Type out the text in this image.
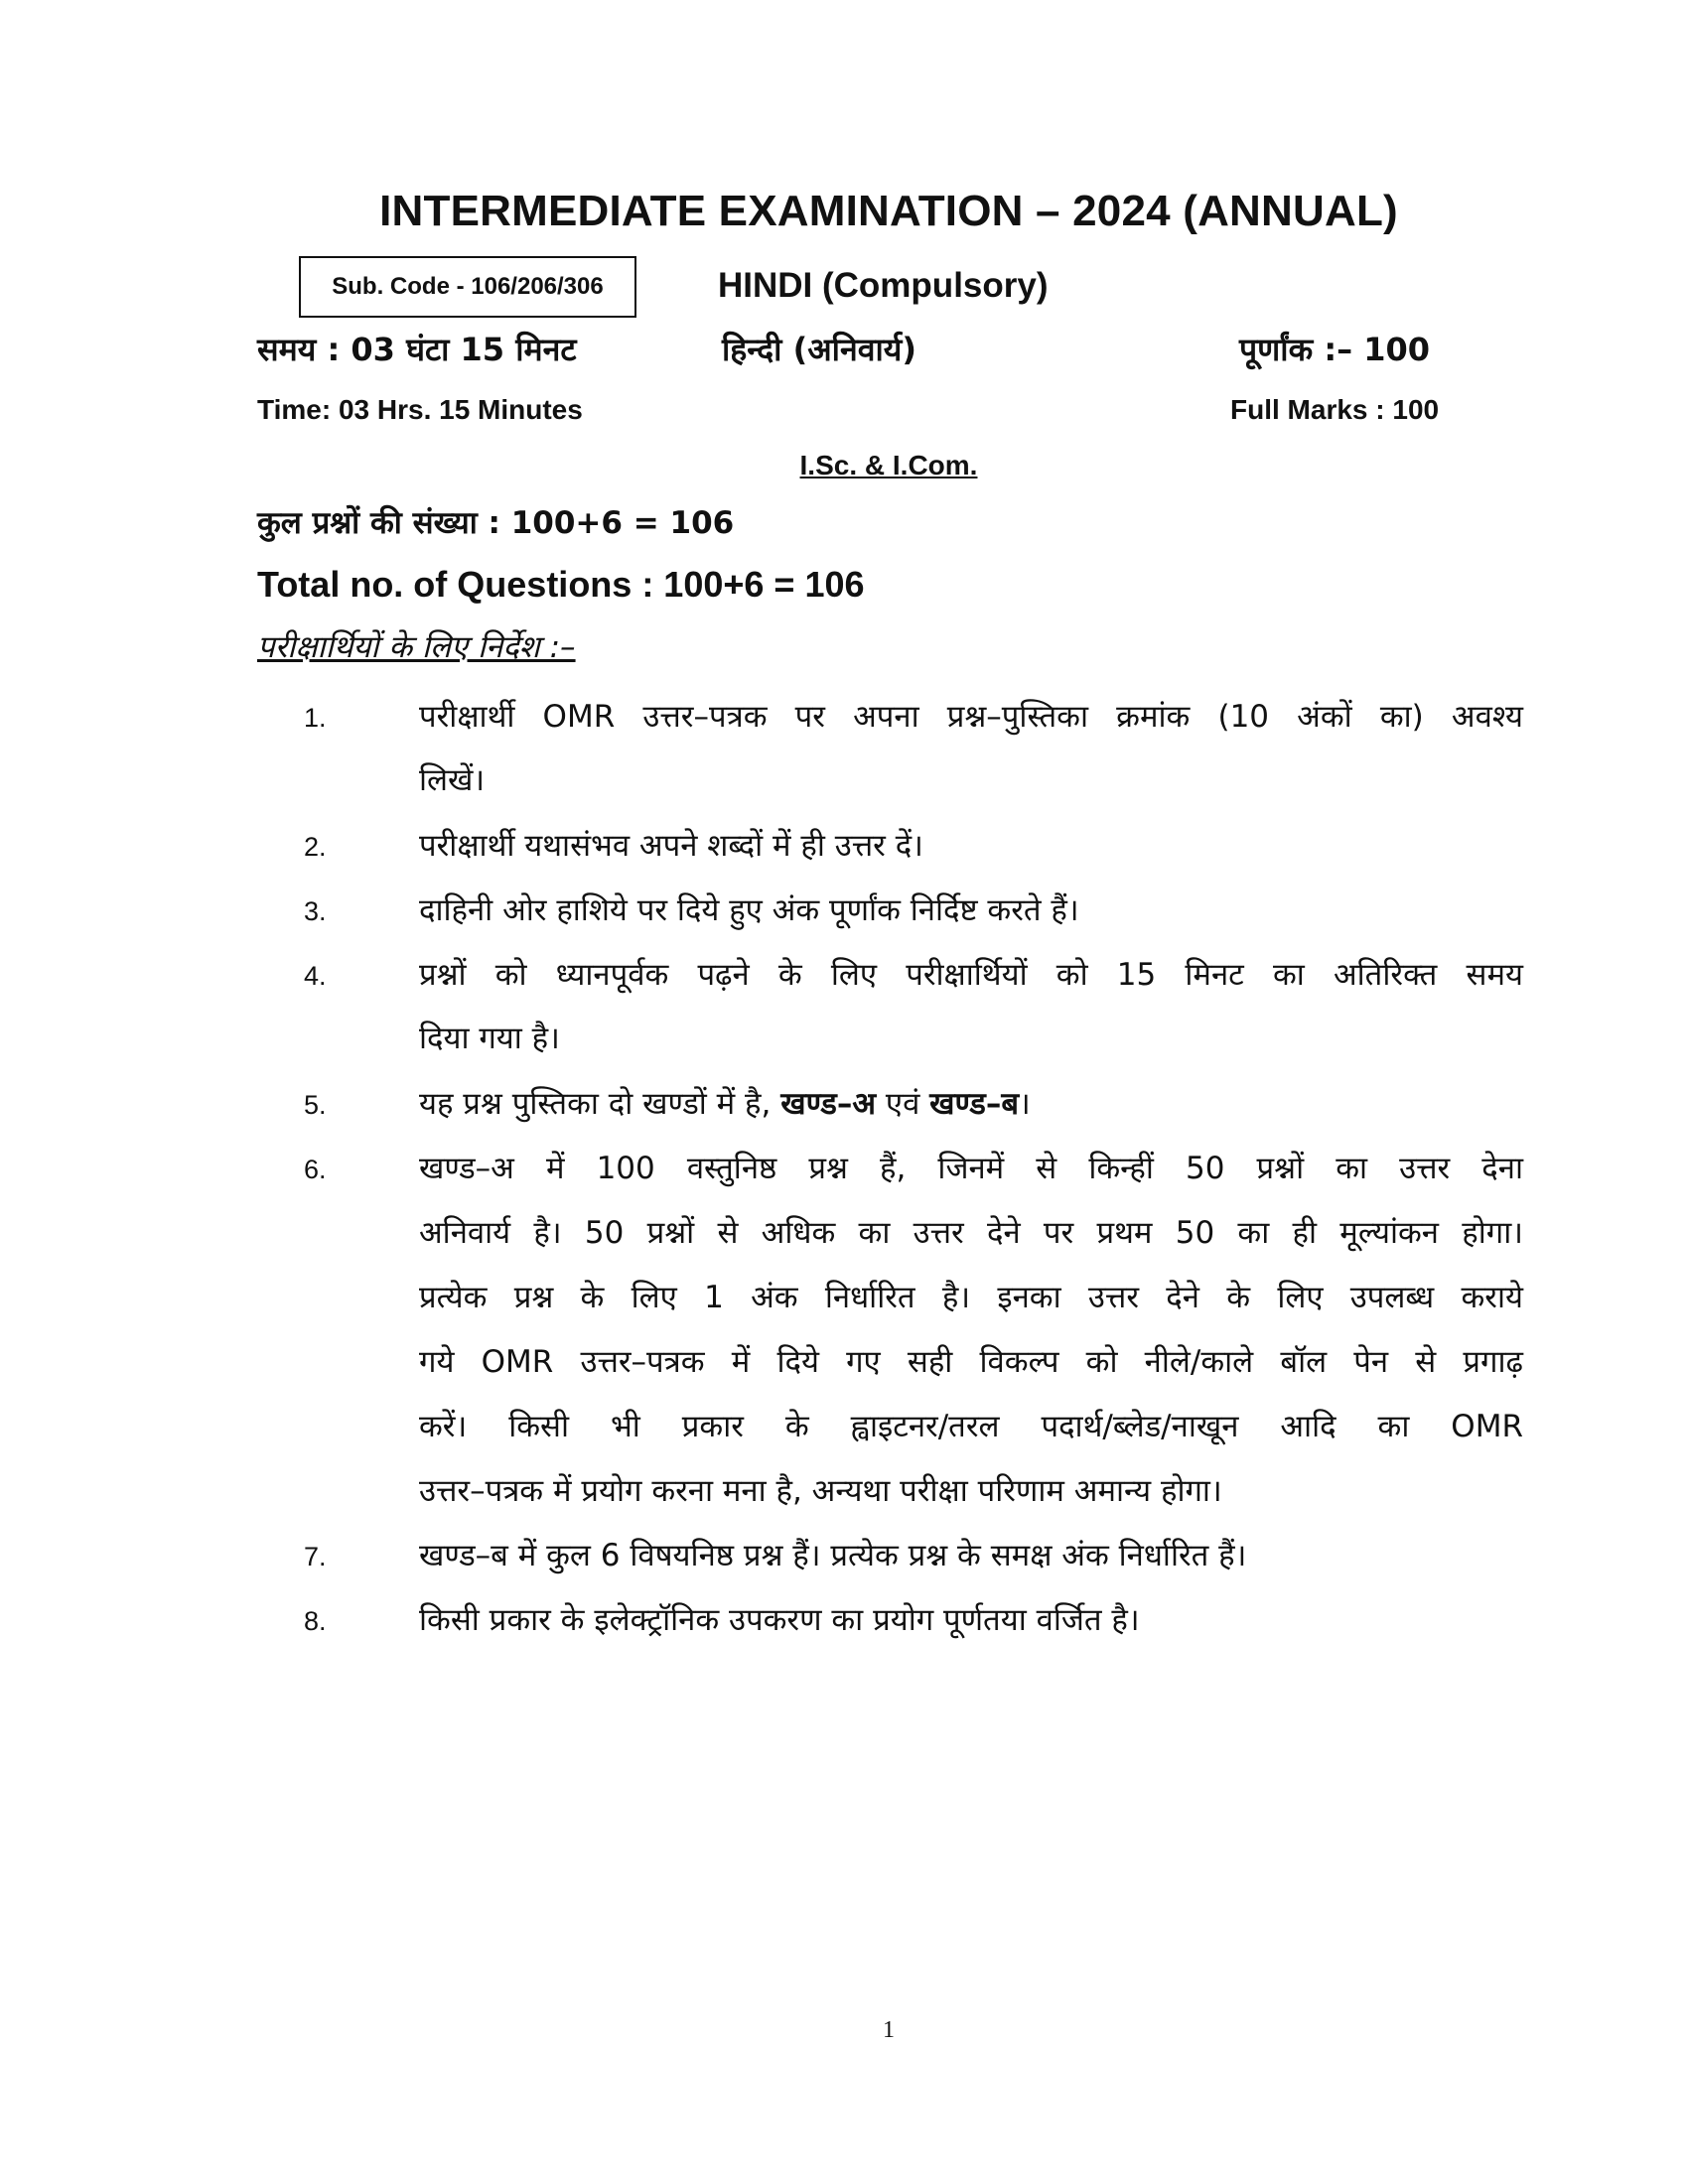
INTERMEDIATE EXAMINATION – 2024 (ANNUAL)
Sub. Code - 106/206/306	HINDI (Compulsory)
समय : 03 घंटा 15 मिनट	हिन्दी (अनिवार्य)	पूर्णांक :– 100
Time: 03 Hrs. 15 Minutes	Full Marks : 100
I.Sc. & I.Com.
कुल प्रश्नों की संख्या : 100+6 = 106
Total no. of Questions : 100+6 = 106
परीक्षार्थियों के लिए निर्देश :–
1.	परीक्षार्थी OMR उत्तर–पत्रक पर अपना प्रश्न–पुस्तिका क्रमांक (10 अंकों का) अवश्य
लिखें।
2.	परीक्षार्थी यथासंभव अपने शब्दों में ही उत्तर दें।
3.	दाहिनी ओर हाशिये पर दिये हुए अंक पूर्णांक निर्दिष्ट करते हैं।
4.	प्रश्नों को ध्यानपूर्वक पढ़ने के लिए परीक्षार्थियों को 15 मिनट का अतिरिक्त समय
दिया गया है।
5.	यह प्रश्न पुस्तिका दो खण्डों में है, खण्ड–अ एवं खण्ड–ब।
6.	खण्ड–अ में 100 वस्तुनिष्ठ प्रश्न हैं, जिनमें से किन्हीं 50 प्रश्नों का उत्तर देना
अनिवार्य है। 50 प्रश्नों से अधिक का उत्तर देने पर प्रथम 50 का ही मूल्यांकन होगा।
प्रत्येक प्रश्न के लिए 1 अंक निर्धारित है। इनका उत्तर देने के लिए उपलब्ध कराये
गये OMR उत्तर–पत्रक में दिये गए सही विकल्प को नीले/काले बॉल पेन से प्रगाढ़
करें। किसी भी प्रकार के ह्वाइटनर/तरल पदार्थ/ब्लेड/नाखून आदि का OMR
उत्तर–पत्रक में प्रयोग करना मना है, अन्यथा परीक्षा परिणाम अमान्य होगा।
7.	खण्ड–ब में कुल 6 विषयनिष्ठ प्रश्न हैं। प्रत्येक प्रश्न के समक्ष अंक निर्धारित हैं।
8.	किसी प्रकार के इलेक्ट्रॉनिक उपकरण का प्रयोग पूर्णतया वर्जित है।
1
